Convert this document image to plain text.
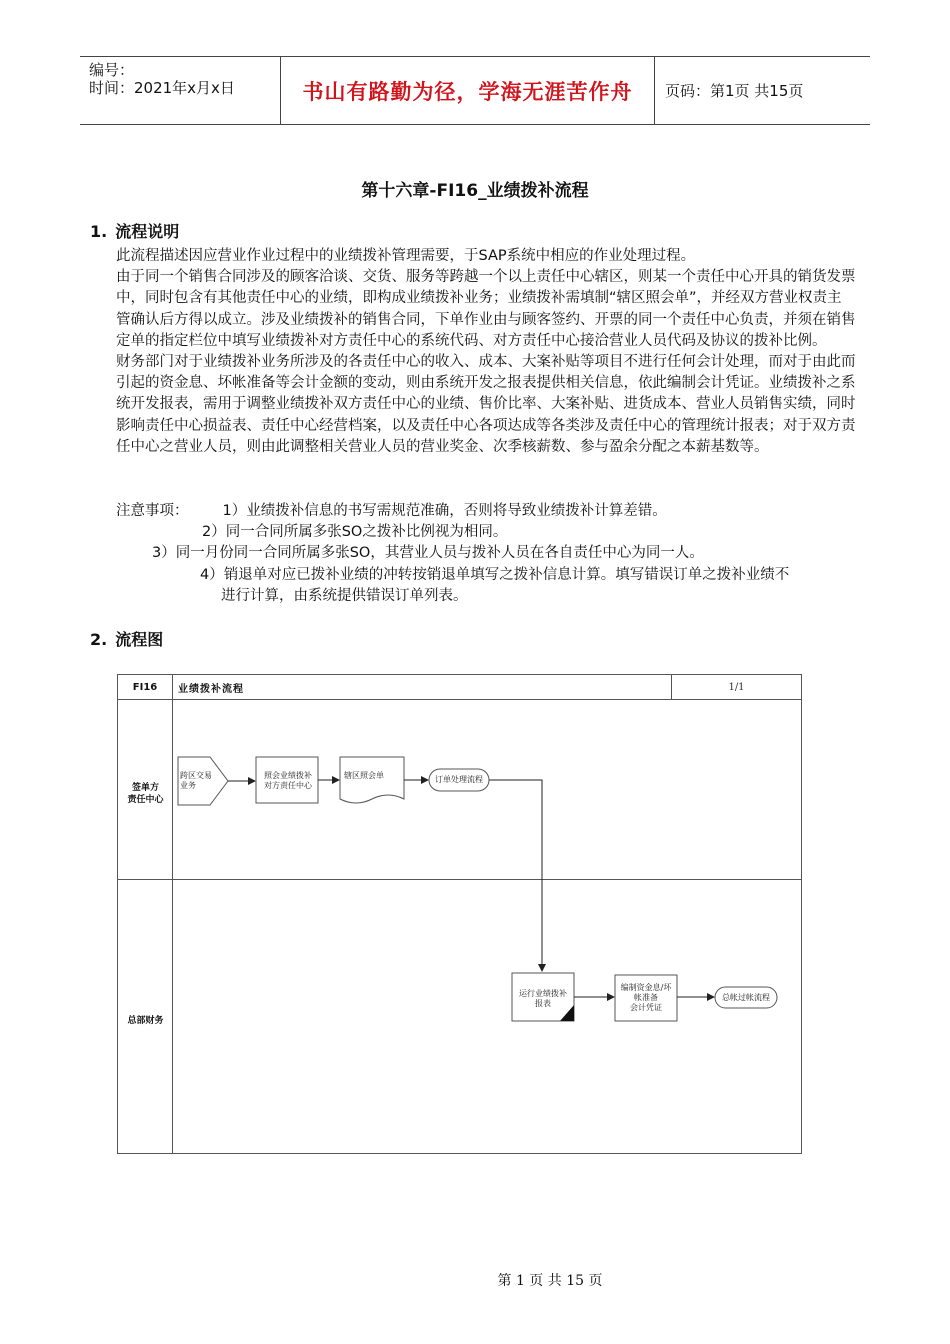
编号：
时间：2021年x月x日	书山有路勤为径，学海无涯苦作舟	页码：第1页 共15页
第十六章-FI16_业绩拨补流程
1. 流程说明

此流程描述因应营业作业过程中的业绩拨补管理需要，于SAP系统中相应的作业处理过程。

由于同一个销售合同涉及的顾客洽谈、交货、服务等跨越一个以上责任中心辖区，则某一个责任中心开具的销货发票中，同时包含有其他责任中心的业绩，即构成业绩拨补业务；业绩拨补需填制“辖区照会单”，并经双方营业权责主管确认后方得以成立。涉及业绩拨补的销售合同，下单作业由与顾客签约、开票的同一个责任中心负责，并须在销售定单的指定栏位中填写业绩拨补对方责任中心的系统代码、对方责任中心接洽营业人员代码及协议的拨补比例。

财务部门对于业绩拨补业务所涉及的各责任中心的收入、成本、大案补贴等项目不进行任何会计处理，而对于由此而引起的资金息、坏帐准备等会计金额的变动，则由系统开发之报表提供相关信息，依此编制会计凭证。业绩拨补之系统开发报表，需用于调整业绩拨补双方责任中心的业绩、售价比率、大案补贴、进货成本、营业人员销售实绩，同时影响责任中心损益表、责任中心经营档案，以及责任中心各项达成等各类涉及责任中心的管理统计报表；对于双方责任中心之营业人员，则由此调整相关营业人员的营业奖金、次季核薪数、参与盈余分配之本薪基数等。

注意事项： 1）业绩拨补信息的书写需规范准确，否则将导致业绩拨补计算差错。

2）同一合同所属多张SO之拨补比例视为相同。

3）同一月份同一合同所属多张SO，其营业人员与拨补人员在各自责任中心为同一人。

4）销退单对应已拨补业绩的冲转按销退单填写之拨补信息计算。填写错误订单之拨补业绩不

进行计算，由系统提供错误订单列表。

2. 流程图
FI16	业绩拨补流程	1/1
签单方
责任中心
总部财务
跨区交易
业务
照会业绩拨补
对方责任中心
辖区照会单	订单处理流程
运行业绩拨补
报表
编制资金息/坏
帐准备
会计凭证
总帐过帐流程
第 1 页 共 15 页
